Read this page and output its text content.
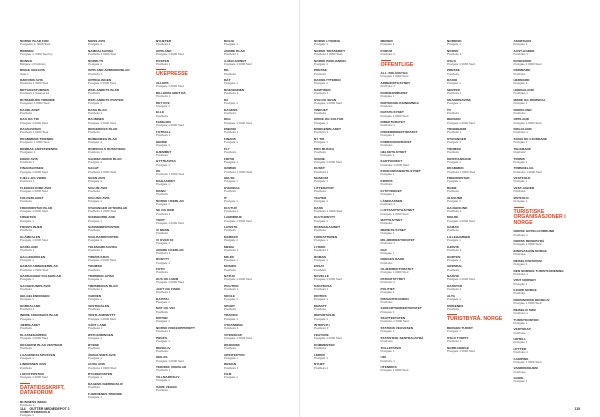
NORSK BLAD FOR
Postgaten 1, 0000 Sted
BØRSEN
Postgate 1, 0000 Sted by
BONSAI
Boligate 1 Postboks
RINGE UKEAVIS
Gate 1
BÆRUMS AVIS
Postboks 1 0000 Sted
BRYGGESTUBBEN
Postboks 1 Gatevei 12
BUSKERUDS TIDENDE
Postgaten 1 0000 Sted
DAGBLADET
Postboks
DAG OG TID
Postgate 1 0000 Sted
DAGSAVISEN
Postboks 1 0000 Sted
DRAMMENS TIDENDE
Postgaten 1 0000 Sted
DRØBAK AMTSTIDENDE
Postgaten 1
EIKER AVIS
Postboks 1
FINANSAVISEN
Postgate 1 0000 Sted
FJELL-OG VIDDE
Postboks 1
FLEKKEFJORD AVIS
Postgate 1 0000 Sted
FOLKEBLADET
Postboks
FREDRIKSTAD BLAD
Postgate 1 0000 Sted
FRIHETEN
Postgate 1
FRONTLINJEN
Postboks
GLÅMDALEN
Postgate 1 0000 Sted
HADELAND
Postboks 1
HALLINGDØLEN
Postgate 1
HAMAR ARBEIDERBLAD
Postboks 1 0000 Sted
HARDANGER FOLKEBLAD
Postgate 1
HAUGESUNDS AVIS
Postboks
HELGELENDINGEN
Postgate 1
HORDALAND
Postboks 1
INDRE AKERSHUS BLAD
Postgate 1
JÆRBLADET
Postboks
KLASSEKAMPEN
Postgate 1 0000 Sted
KRAGERØ BLAD VESTMAR
Postboks
LAAGENDALSPOSTEN
Postgate 1
LINDESNES AVIS
Postboks
LOFOTPOSTEN
Postgate 1 0000 Sted
DATATIDSSKRIFT, DATAFORUM
BUSINESS WEEK
Postboks 1
COMPUTERWORLD
Postgate 1
MOSS AVIS
Postgate 1
NAMDALSAVISA
Postboks 1 0000 Sted
NORDLYS
Postgate 1
OPPLAND ARBEIDERBLAD
Postboks 1
OPPDALINGEN
Postgate 1 0000 Sted
ØSTLANDETS BLAD
Postboks
ØSTLANDETS POSTEN
Postgate 1
RANA BLAD
Postboks 1
RAUMNES
Postgate 1 0000 Sted
RINGERIKES BLAD
Postboks
ROMERIKES BLAD
Postgate 1
ROMSDALS BUDSTIKKE
Postboks 1
SANDEFJORDS BLAD
Postgate 1
SAGAT
Postboks 1 0000 Sted
SOGN AVIS
Postgate 1
SOLUM AVIS
Postboks
SOLUNG AVIS
Postgate 1
STAVANGER AFTENBLAD
Postboks 1 0000 Sted
SUNNHORDLAND
Postgate 1
SUNNMØRSPOSTEN
Postboks
SVALBARDPOSTEN
Postgate 1
TELEMARKSAVISA
Postboks 1
TIDENS KRAV
Postgate 1 0000 Sted
TROMSØ
Postboks
TRØNDER-AVISA
Postgate 1
TØNSBERGS BLAD
Postboks 1
VARDEN
Postgate 1
VESTERÅLEN
Postboks
VESTLANDSNYTT
Postgate 1 0000 Sted
VÅRT LAND
Postboks 1
ØSTLENDINGEN
Postgate 1
ØYENE
Postboks
ÅNDALSNES AVIS
Postgate 1
AURA AVIS
Postboks 1 0000 Sted
BYGDEPOSTEN
Postgate 1
DAGENS NÆRINGSLIV
Postboks
FJORDENES TIDENDE
Postgate 1
NYHETER
Postboks 1
OPPLAND
Postgate 1 0000 Sted
POSTEN
Postboks 1
UKEPRESSE
ALLERS
Postgate 1 0000 Sted
BILLEDBLADET NÅ
Postboks 1
DET NYE
Postgate 1
ELLE
Postboks
FAMILIEN
Postgate 1 0000 Sted
FOTBALL
Postboks 1
HENNE
Postgate 1
HJEMMET
Postboks
HYTTEAVISA
Postgate 1
KK
Postboks 1 0000 Sted
MAGASINET
Postgate 1
MANN
Postboks
NORSK UKEBLAD
Postgate 1
SE OG HØR
Postboks 1
TOPP
Postgate 1 0000 Sted
VI MENN
Postboks
VI OVER 60
Postgate 1
ANDRE UKEBLAD
Postboks 1
BONYTT
Postgate 1
FOTO
Postboks
HUS OG HJEM
Postgate 1 0000 Sted
JAKT OG FISKE
Postboks 1
KAPITAL
Postgate 1
MAT OG VIN
Postboks
MOTOR
Postgate 1
NORSK FISKEOPPDRETT
Postboks 1
PROFIL
Postgate 1
REISELIV
Postboks
SEILAS
Postgate 1 0000 Sted
TEKNISK UKEBLAD
Postboks 1
VILLMARKSLIV
Postgate 1
VÅRE VEGER
Postboks
BOLIG
Postgate 1
ANDRE BLAD
Postboks 1
A-MAGASINET
Postgate 1 0000 Sted
BIL
Postboks
BÅT
Postgate 1
BOKVENNEN
Postboks 1
D2
Postgate 1
DAGENS
Postboks
DIGI
Postgate 1 0000 Sted
ENERGI
Postboks 1
FINANS
Postgate 1
FLY
Postboks
FRITID
Postgate 1
GRØNN
Postboks 1 0000 Sted
HELSE
Postgate 1
HVERDAG
Postboks
IT
Postgate 1
KULTUR
Postboks 1
LANDBRUK
Postgate 1 0000 Sted
LIVSSTIL
Postboks
MARKED
Postgate 1
MEDIA
Postboks 1
MILJØ
Postgate 1
MUSIKK
Postboks
NATUR
Postgate 1 0000 Sted
POLITIKK
Postboks 1
SKOLE
Postgate 1
SPORT
Postboks
TRAFIKK
Postgate 1
UTDANNING
Postboks 1
VITENSKAP
Postgate 1 0000 Sted
ØKONOMI
Postboks
ARKITEKTUR
Postgate 1
DESIGN
Postboks 1
FILM
Postgate 1
114 GUTTER MEDIEDEPOT 2
NORSK LYSNING
Postgate 1
NORSK TIDSSKRIFT
Postboks 1 0000 Sted
NORSK BOKHANDEL
Postgate 1
PRESSE
Postboks
RADIOLYTTEREN
Postgate 1
SAMTIDEN
Postboks 1
SYN OG SEGN
Postgate 1 0000 Sted
VINDUET
Postboks
KIRKE OG KULTUR
Postgate 1
MORGENBLADET
Postboks 1
NY TID
Postgate 1
PRO MUSICA
Postboks
SCENE
Postgate 1 0000 Sted
KUNST
Postboks 1
MUSEUM
Postgate 1
LITTERATUR
Postboks
TEATER
Postgate 1
DANS
Postboks 1 0000 Sted
KULTURNYTT
Postgate 1
BOKMAGASINET
Postboks
FORFATTEREN
Postgate 1
LYRIKK
Postboks 1
ROMAN
Postgate 1
ESSAY
Postboks
NOVELLE
Postgate 1 0000 Sted
SAKPROSA
Postboks 1
KRITIKK
Postgate 1
DEBATT
Postboks
REPORTASJE
Postgate 1
INTERVJU
Postboks 1
FEATURE
Postgate 1 0000 Sted
KOMMENTAR
Postboks
LEDER
Postgate 1
NYHET
Postboks 1
MEDIER
Postgate 1
FORUM
Postboks 1
OFFENTLIGE
ALL. BOLIGBYGG
Postgate 1 0000 Sted
ARBEIDSTILSYNET
Postboks 1
BARNEOMBUDET
Postgate 1
BIOTEKNOLOGINEMNDA
Postboks
DATATILSYNET
Postgate 1 0000 Sted
DIREKTORATET
Postboks 1
FISKERIDIREKTORATET
Postgate 1
FORBRUKERRÅDET
Postboks
HELSETILSYNET
Postgate 1
KARTVERKET
Postboks 1 0000 Sted
KONKURRANSETILSYNET
Postgate 1
KRIPOS
Postboks
KYSTVERKET
Postgate 1
LÅNEKASSEN
Postboks 1
LUFTFARTSTILSYNET
Postgate 1 0000 Sted
MATTILSYNET
Postboks
MEDIETILSYNET
Postgate 1
MILJØDIREKTORATET
Postboks 1
NAV
Postgate 1
NORGES BANK
Postboks
OLJEDIREKTORATET
Postgate 1 0000 Sted
PATENTSTYRET
Postboks 1
POLITIET
Postgate 1
RIKSANTIKVAREN
Postboks
SJØFARTSDIREKTORATET
Postgate 1
SKATTEETATEN
Postboks 1 0000 Sted
STATENS VEGVESEN
Postgate 1
STATISTISK SENTRALBYRÅ
Postboks
TOLLETATEN
Postgate 1
UDI
Postboks 1
UTENRIKS
Postgate 1 0000 Sted
NORDISK
Postgate 1
NORSK
Postboks 1
OSLO
Postgate 1 0000 Sted
PRESSE
Postboks
RADIO
Postgate 1
SENTER
Postboks 1
SKANDINAVISK
Postgate 1
TV
Postboks
BERGEN
Postgate 1 0000 Sted
TRONDHEIM
Postboks 1
STAVANGER
Postgate 1
TROMSØ
Postboks
KRISTIANSAND
Postgate 1
DRAMMEN
Postboks 1 0000 Sted
FREDRIKSTAD
Postgate 1
BODØ
Postboks
ÅLESUND
Postgate 1
HAUGESUND
Postboks 1
MOLDE
Postgate 1 0000 Sted
HAMAR
Postboks
LILLEHAMMER
Postgate 1
GJØVIK
Postboks 1
HORTEN
Postgate 1
ARENDAL
Postboks
NARVIK
Postgate 1 0000 Sted
HARSTAD
Postboks 1
ALTA
Postgate 1
KIRKENES
Postboks
TURISTBYRÅ. NORGE
BERGEN TURIST
Postgate 1
OSLO TURIST
Postboks 1
NORD-NORGE
Postgate 1 0000 Sted
AKERSHUS
Postgate 1
AUST-AGDER
Postboks 1
BUSKERUD
Postgate 1 0000 Sted
FINNMARK
Postboks
HEDMARK
Postgate 1
HORDALAND
Postboks 1
MØRE OG ROMSDAL
Postgate 1
NORDLAND
Postboks
OPPLAND
Postgate 1 0000 Sted
ROGALAND
Postboks 1
SOGN OG FJORDANE
Postgate 1
TELEMARK
Postboks
TROMS
Postgate 1
TRØNDELAG
Postboks 1 0000 Sted
VESTFOLD
Postgate 1
VEST-AGDER
Postboks
ØSTFOLD
Postgate 1
TURISTISKE ORGANISASJONER I NORGE
NORSK HOTELLFORBUND
Postboks 1
NORSK REISEBYRÅ
Postgate 1 0000 Sted
INNOVASJON NORGE
Postboks
REISELIVSFORUM
Postgate 1
DEN NORSKE TURISTFORENING
Postboks 1
VISIT NORWAY
Postgate 1
FJORD NORGE
Postboks
NORDNORSK REISELIV
Postgate 1 0000 Sted
REISELIV SØR
Postboks 1
TURISTKONTOR
Postgate 1
VERTSKAP
Postboks
HOTELL
Postgate 1
HYTTER
Postboks 1
CAMPING
Postgate 1 0000 Sted
VANDRERHJEM
Postboks
GUIDE
Postgate 1
115
